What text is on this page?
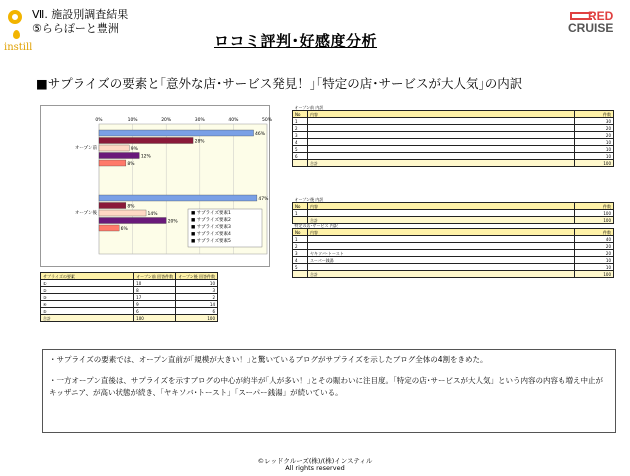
instill
Ⅶ. 施設別調査結果
⑤ららぽーと豊洲
ロコミ評判･好感度分析
RED
CRUISE
■サプライズの要素と｢意外な店･サービス発見！｣｢特定の店･サービスが大人気｣の内訳
0%	10%	20%	30%	40%	50%
オープン前
46%
28%
9%
12%
8%
オープン後
47%
8%
14%
20%
6%
■ サプライズ要素1
■ サプライズ要素2
■ サプライズ要素3
■ サプライズ要素4
■ サプライズ要素5
サプライズの要素	オープン前 回答件数	オープン後 回答件数
①	10	10
②	8	3
③	17	2
④	9	14
⑤	6	6
合計	100	100
オープン前 内訳		
No	内容	件数
1		30
2		20
3		20
4		10
5		10
6		10
	合計	100
オープン後 内訳		
No	内容	件数
1		100
	合計	100
特定の店･サービス 内訳		
No	内容	件数
1		40
2		20
3	ヤキソバ･トースト	20
4	スーパー銭湯	10
5		10
	合計	100

・サプライズの要素では、オープン直前が｢規模が大きい！｣と驚いているブログがサプライズを示したブログ全体の4割をきめた。

・一方オープン直後は、サプライズを示すブログの中心が約半が｢人が多い！｣とその賑わいに注目度。「特定の店･サービスが大人気」という内容の内容も増え中止がキッザニア、が高い状態が続き、「ヤキソバ･トースト」「スーパー銭湯」が続いている。

©レッドクルーズ(株)/(株)インスティル
All rights reserved
